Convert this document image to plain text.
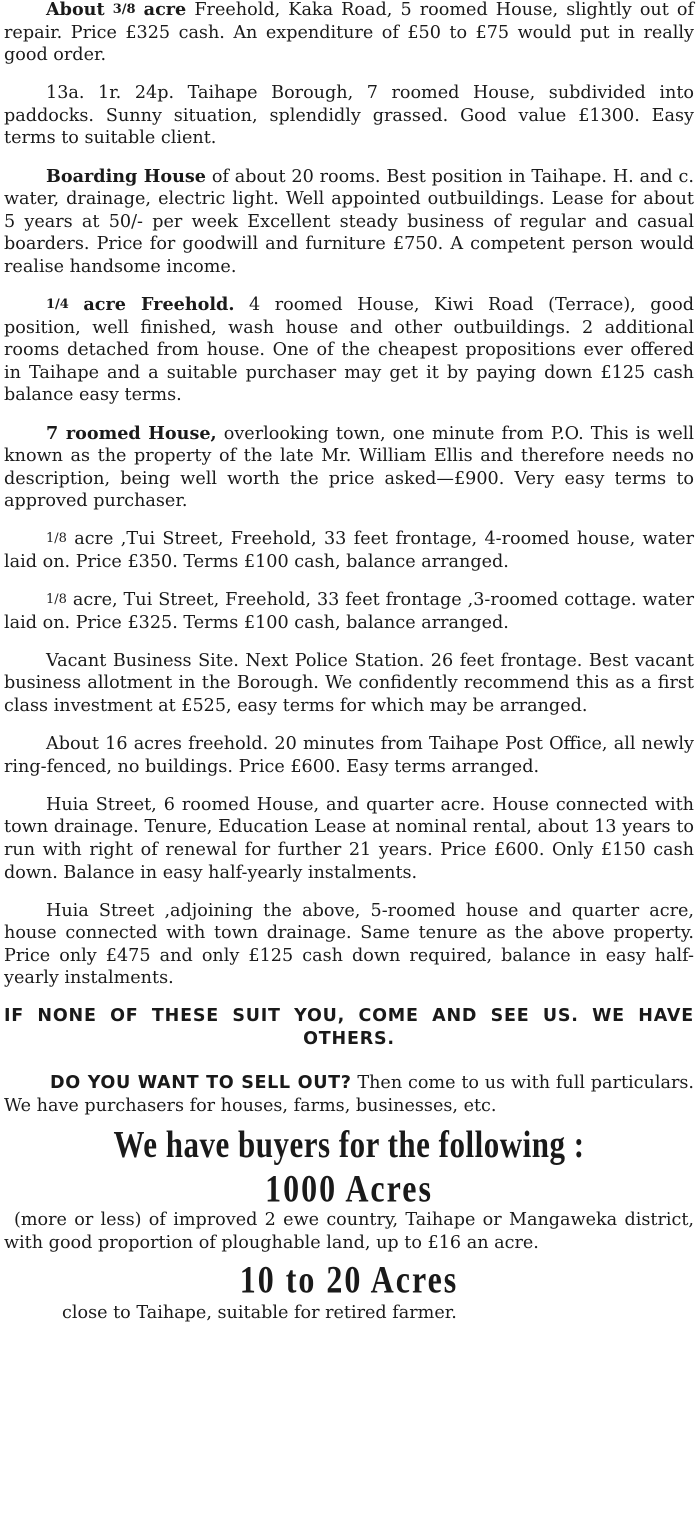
About 3/8 acre Freehold, Kaka Road, 5 roomed House, slightly out of repair. Price £325 cash. An expenditure of £50 to £75 would put in really good order.

13a. 1r. 24p. Taihape Borough, 7 roomed House, subdivided into paddocks. Sunny situation, splendidly grassed. Good value £1300. Easy terms to suitable client.

Boarding House of about 20 rooms. Best position in Taihape. H. and c. water, drainage, electric light. Well appointed outbuildings. Lease for about 5 years at 50/- per week Excellent steady business of regular and casual boarders. Price for goodwill and furniture £750. A competent person would realise handsome income.

1/4 acre Freehold. 4 roomed House, Kiwi Road (Terrace), good position, well finished, wash house and other outbuildings. 2 additional rooms detached from house. One of the cheapest propositions ever offered in Taihape and a suitable purchaser may get it by paying down £125 cash balance easy terms.

7 roomed House, overlooking town, one minute from P.O. This is well known as the property of the late Mr. William Ellis and therefore needs no description, being well worth the price asked—£900. Very easy terms to approved purchaser.

1/8 acre ,Tui Street, Freehold, 33 feet frontage, 4-roomed house, water laid on. Price £350. Terms £100 cash, balance arranged.

1/8 acre, Tui Street, Freehold, 33 feet frontage ,3-roomed cottage. water laid on. Price £325. Terms £100 cash, balance arranged.

Vacant Business Site. Next Police Station. 26 feet frontage. Best vacant business allotment in the Borough. We confidently recommend this as a first class investment at £525, easy terms for which may be arranged.

About 16 acres freehold. 20 minutes from Taihape Post Office, all newly ring-fenced, no buildings. Price £600. Easy terms arranged.

Huia Street, 6 roomed House, and quarter acre. House connected with town drainage. Tenure, Education Lease at nominal rental, about 13 years to run with right of renewal for further 21 years. Price £600. Only £150 cash down. Balance in easy half-yearly instalments.

Huia Street ,adjoining the above, 5-roomed house and quarter acre, house connected with town drainage. Same tenure as the above property. Price only £475 and only £125 cash down required, balance in easy half-yearly instalments.

IF NONE OF THESE SUIT YOU, COME AND SEE US. WE HAVE OTHERS.

DO YOU WANT TO SELL OUT? Then come to us with full particulars. We have purchasers for houses, farms, businesses, etc.

We have buyers for the following :

1000 Acres

(more or less) of improved 2 ewe country, Taihape or Mangaweka district, with good proportion of ploughable land, up to £16 an acre.

10 to 20 Acres

close to Taihape, suitable for retired farmer.
